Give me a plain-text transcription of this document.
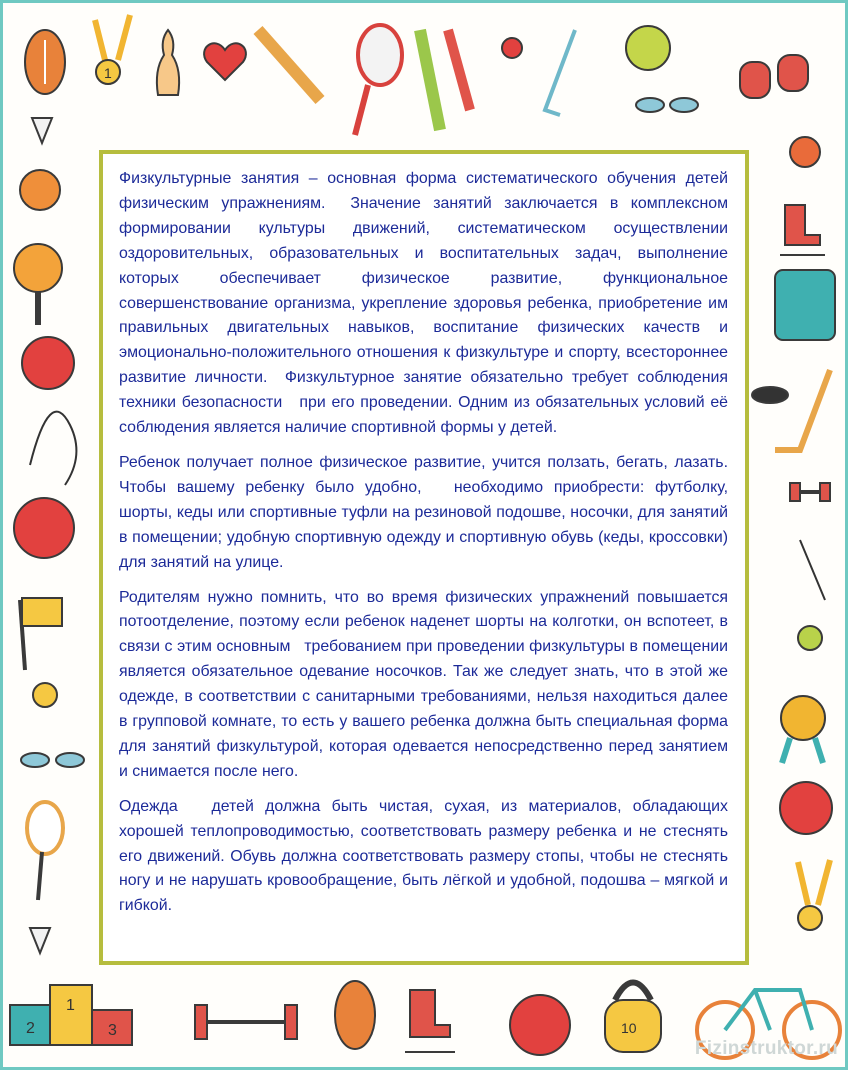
1
2
1
3	10

Физкультурные занятия – основная форма систематического обучения детей физическим упражнениям.  Значение занятий заключается в комплексном формировании культуры движений, систематическом осуществлении оздоровительных, образовательных и воспитательных задач, выполнение которых обеспечивает физическое развитие, функциональное совершенствование организма, укрепление здоровья ребенка, приобретение им правильных двигательных навыков, воспитание физических качеств и эмоционально-положительного отношения к физкультуре и спорту, всестороннее развитие личности.  Физкультурное занятие обязательно требует соблюдения техники безопасности   при его проведении. Одним из обязательных условий её соблюдения является наличие спортивной формы у детей.

Ребенок получает полное физическое развитие, учится ползать, бегать, лазать. Чтобы вашему ребенку было удобно,   необходимо приобрести: футболку, шорты, кеды или спортивные туфли на резиновой подошве, носочки, для занятий в помещении; удобную спортивную одежду и спортивную обувь (кеды, кроссовки) для занятий на улице.

Родителям нужно помнить, что во время физических упражнений повышается потоотделение, поэтому если ребенок наденет шорты на колготки, он вспотеет, в связи с этим основным   требованием при проведении физкультуры в помещении является обязательное одевание носочков. Так же следует знать, что в этой же одежде, в соответствии с санитарными требованиями, нельзя находиться далее в групповой комнате, то есть у вашего ребенка должна быть специальная форма для занятий физкультурой, которая одевается непосредственно перед занятием и снимается после него.

Одежда   детей должна быть чистая, сухая, из материалов, обладающих хорошей теплопроводимостью, соответствовать размеру ребенка и не стеснять его движений. Обувь должна соответствовать размеру стопы, чтобы не стеснять ногу и не нарушать кровообращение, быть лёгкой и удобной, подошва – мягкой и гибкой.

Fizinstruktor.ru
